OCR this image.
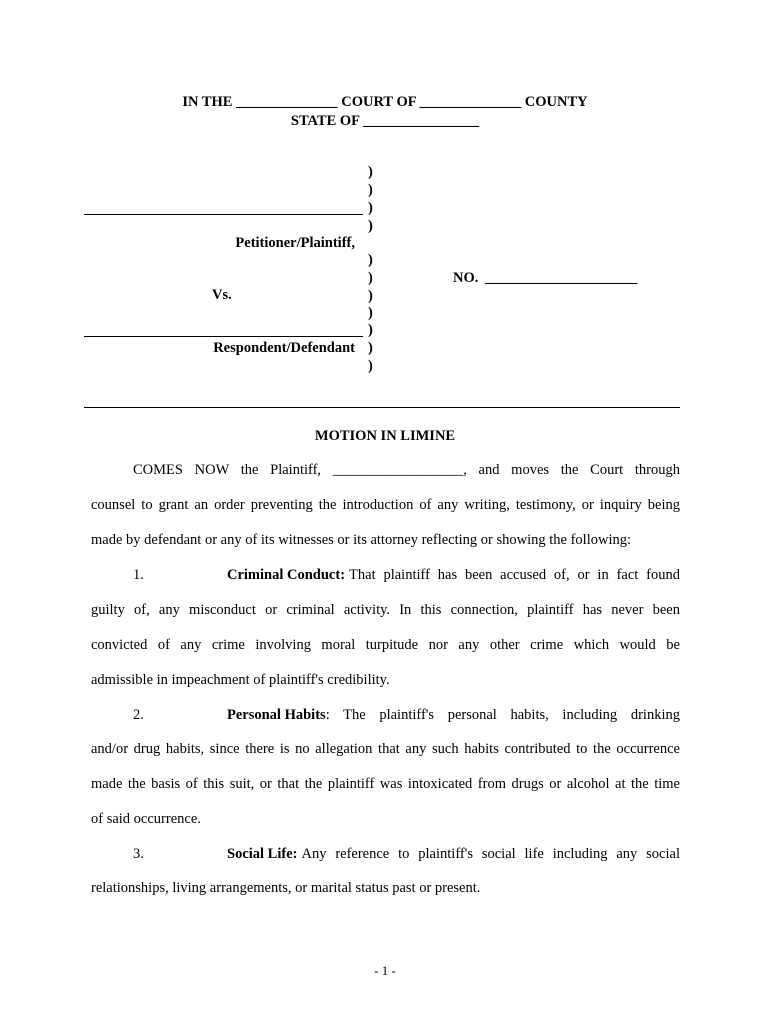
IN THE ______________ COURT OF ______________ COUNTY
STATE OF ________________
)
)
)
)
)
)
)
)
)
)
)
Petitioner/Plaintiff,
Vs.
Respondent/Defendant
NO. _____________________
MOTION IN LIMINE
COMES NOW the Plaintiff, __________________, and moves the Court through
counsel to grant an order preventing the introduction of any writing, testimony, or inquiry being
made by defendant or any of its witnesses or its attorney reflecting or showing the following:
1.	Criminal Conduct: That plaintiff has been accused of, or in fact found
guilty of, any misconduct or criminal activity. In this connection, plaintiff has never been
convicted of any crime involving moral turpitude nor any other crime which would be
admissible in impeachment of plaintiff's credibility.
2.	Personal Habits : The plaintiff's personal habits, including drinking
and/or drug habits, since there is no allegation that any such habits contributed to the occurrence
made the basis of this suit, or that the plaintiff was intoxicated from drugs or alcohol at the time
of said occurrence.
3.	Social Life: Any reference to plaintiff's social life including any social
relationships, living arrangements, or marital status past or present.
- 1 -
